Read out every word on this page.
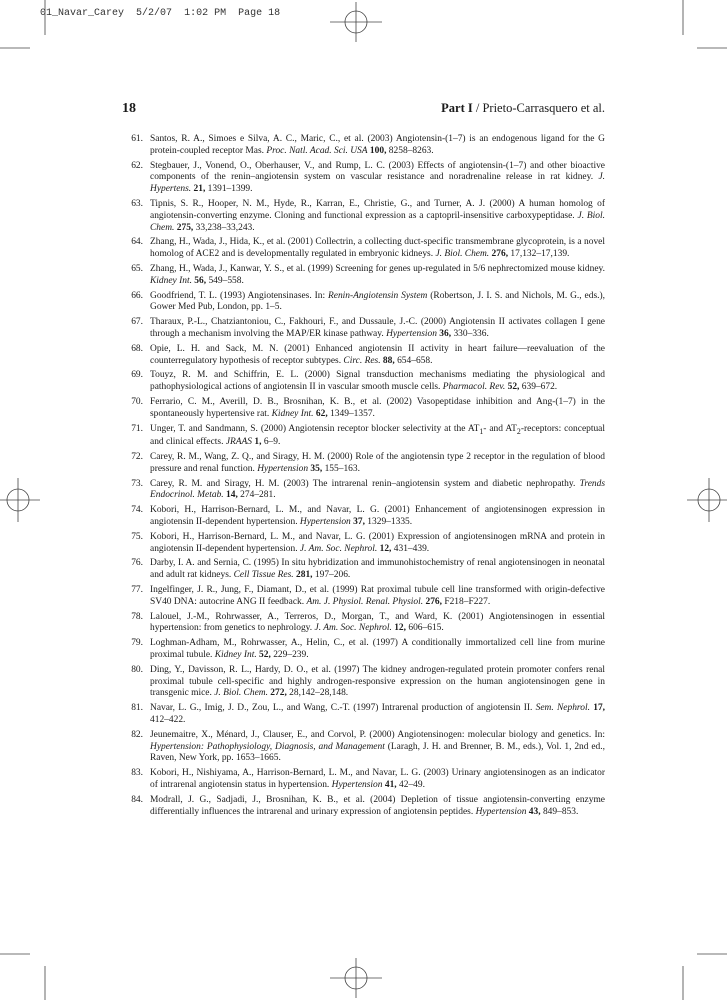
01_Navar_Carey 5/2/07 1:02 PM Page 18
18	Part I / Prieto-Carrasquero et al.
61. Santos, R. A., Simoes e Silva, A. C., Maric, C., et al. (2003) Angiotensin-(1–7) is an endogenous ligand for the G protein-coupled receptor Mas. Proc. Natl. Acad. Sci. USA 100, 8258–8263.
62. Stegbauer, J., Vonend, O., Oberhauser, V., and Rump, L. C. (2003) Effects of angiotensin-(1–7) and other bioactive components of the renin–angiotensin system on vascular resistance and noradrenaline release in rat kidney. J. Hypertens. 21, 1391–1399.
63. Tipnis, S. R., Hooper, N. M., Hyde, R., Karran, E., Christie, G., and Turner, A. J. (2000) A human homolog of angiotensin-converting enzyme. Cloning and functional expression as a captopril-insensitive carboxypeptidase. J. Biol. Chem. 275, 33,238–33,243.
64. Zhang, H., Wada, J., Hida, K., et al. (2001) Collectrin, a collecting duct-specific transmembrane glycoprotein, is a novel homolog of ACE2 and is developmentally regulated in embryonic kidneys. J. Biol. Chem. 276, 17,132–17,139.
65. Zhang, H., Wada, J., Kanwar, Y. S., et al. (1999) Screening for genes up-regulated in 5/6 nephrectomized mouse kidney. Kidney Int. 56, 549–558.
66. Goodfriend, T. L. (1993) Angiotensinases. In: Renin-Angiotensin System (Robertson, J. I. S. and Nichols, M. G., eds.), Gower Med Pub, London, pp. 1–5.
67. Tharaux, P.-L., Chatziantoniou, C., Fakhouri, F., and Dussaule, J.-C. (2000) Angiotensin II activates collagen I gene through a mechanism involving the MAP/ER kinase pathway. Hypertension 36, 330–336.
68. Opie, L. H. and Sack, M. N. (2001) Enhanced angiotensin II activity in heart failure—reevaluation of the counterregulatory hypothesis of receptor subtypes. Circ. Res. 88, 654–658.
69. Touyz, R. M. and Schiffrin, E. L. (2000) Signal transduction mechanisms mediating the physiological and pathophysiological actions of angiotensin II in vascular smooth muscle cells. Pharmacol. Rev. 52, 639–672.
70. Ferrario, C. M., Averill, D. B., Brosnihan, K. B., et al. (2002) Vasopeptidase inhibition and Ang-(1–7) in the spontaneously hypertensive rat. Kidney Int. 62, 1349–1357.
71. Unger, T. and Sandmann, S. (2000) Angiotensin receptor blocker selectivity at the $AT_1-$ and $AT_2$-receptors: conceptual and clinical effects. JRAAS 1, 6–9.
72. Carey, R. M., Wang, Z. Q., and Siragy, H. M. (2000) Role of the angiotensin type 2 receptor in the regulation of blood pressure and renal function. Hypertension 35, 155–163.
73. Carey, R. M. and Siragy, H. M. (2003) The intrarenal renin–angiotensin system and diabetic nephropathy. Trends Endocrinol. Metab. 14, 274–281.
74. Kobori, H., Harrison-Bernard, L. M., and Navar, L. G. (2001) Enhancement of angiotensinogen expression in angiotensin II-dependent hypertension. Hypertension 37, 1329–1335.
75. Kobori, H., Harrison-Bernard, L. M., and Navar, L. G. (2001) Expression of angiotensinogen mRNA and protein in angiotensin II-dependent hypertension. J. Am. Soc. Nephrol. 12, 431–439.
76. Darby, I. A. and Sernia, C. (1995) In situ hybridization and immunohistochemistry of renal angiotensinogen in neonatal and adult rat kidneys. Cell Tissue Res. 281, 197–206.
77. Ingelfinger, J. R., Jung, F., Diamant, D., et al. (1999) Rat proximal tubule cell line transformed with origin-defective SV40 DNA: autocrine ANG II feedback. Am. J. Physiol. Renal. Physiol. 276, F218–F227.
78. Lalouel, J.-M., Rohrwasser, A., Terreros, D., Morgan, T., and Ward, K. (2001) Angiotensinogen in essential hypertension: from genetics to nephrology. J. Am. Soc. Nephrol. 12, 606–615.
79. Loghman-Adham, M., Rohrwasser, A., Helin, C., et al. (1997) A conditionally immortalized cell line from murine proximal tubule. Kidney Int. 52, 229–239.
80. Ding, Y., Davisson, R. L., Hardy, D. O., et al. (1997) The kidney androgen-regulated protein promoter confers renal proximal tubule cell-specific and highly androgen-responsive expression on the human angiotensinogen gene in transgenic mice. J. Biol. Chem. 272, 28,142–28,148.
81. Navar, L. G., Imig, J. D., Zou, L., and Wang, C.-T. (1997) Intrarenal production of angiotensin II. Sem. Nephrol. 17, 412–422.
82. Jeunemaitre, X., Ménard, J., Clauser, E., and Corvol, P. (2000) Angiotensinogen: molecular biology and genetics. In: Hypertension: Pathophysiology, Diagnosis, and Management (Laragh, J. H. and Brenner, B. M., eds.), Vol. 1, 2nd ed., Raven, New York, pp. 1653–1665.
83. Kobori, H., Nishiyama, A., Harrison-Bernard, L. M., and Navar, L. G. (2003) Urinary angiotensinogen as an indicator of intrarenal angiotensin status in hypertension. Hypertension 41, 42–49.
84. Modrall, J. G., Sadjadi, J., Brosnihan, K. B., et al. (2004) Depletion of tissue angiotensin-converting enzyme differentially influences the intrarenal and urinary expression of angiotensin peptides. Hypertension 43, 849–853.
